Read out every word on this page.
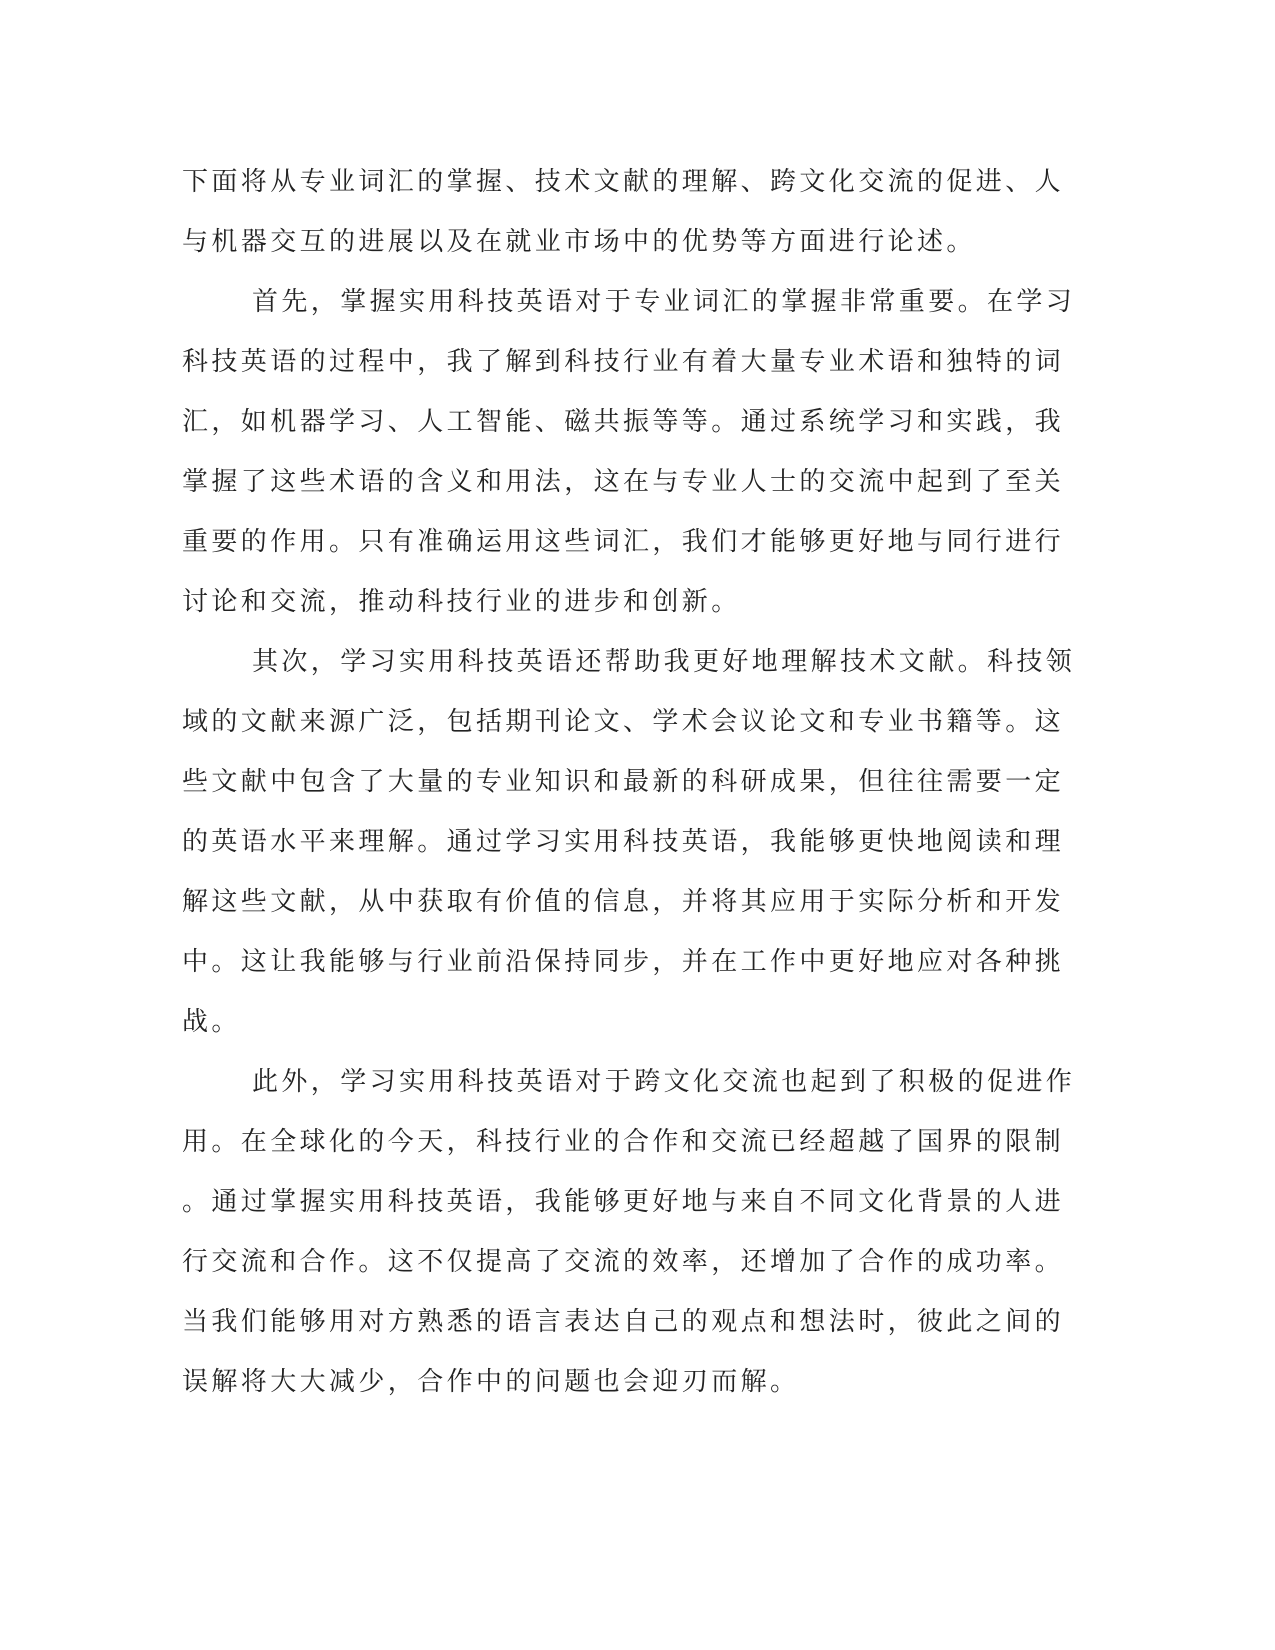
下面将从专业词汇的掌握、技术文献的理解、跨文化交流的促进、人
与机器交互的进展以及在就业市场中的优势等方面进行论述。
首先，掌握实用科技英语对于专业词汇的掌握非常重要。在学习
科技英语的过程中，我了解到科技行业有着大量专业术语和独特的词
汇，如机器学习、人工智能、磁共振等等。通过系统学习和实践，我
掌握了这些术语的含义和用法，这在与专业人士的交流中起到了至关
重要的作用。只有准确运用这些词汇，我们才能够更好地与同行进行
讨论和交流，推动科技行业的进步和创新。
其次，学习实用科技英语还帮助我更好地理解技术文献。科技领
域的文献来源广泛，包括期刊论文、学术会议论文和专业书籍等。这
些文献中包含了大量的专业知识和最新的科研成果，但往往需要一定
的英语水平来理解。通过学习实用科技英语，我能够更快地阅读和理
解这些文献，从中获取有价值的信息，并将其应用于实际分析和开发
中。这让我能够与行业前沿保持同步，并在工作中更好地应对各种挑
战。
此外，学习实用科技英语对于跨文化交流也起到了积极的促进作
用。在全球化的今天，科技行业的合作和交流已经超越了国界的限制
。通过掌握实用科技英语，我能够更好地与来自不同文化背景的人进
行交流和合作。这不仅提高了交流的效率，还增加了合作的成功率。
当我们能够用对方熟悉的语言表达自己的观点和想法时，彼此之间的
误解将大大减少，合作中的问题也会迎刃而解。
